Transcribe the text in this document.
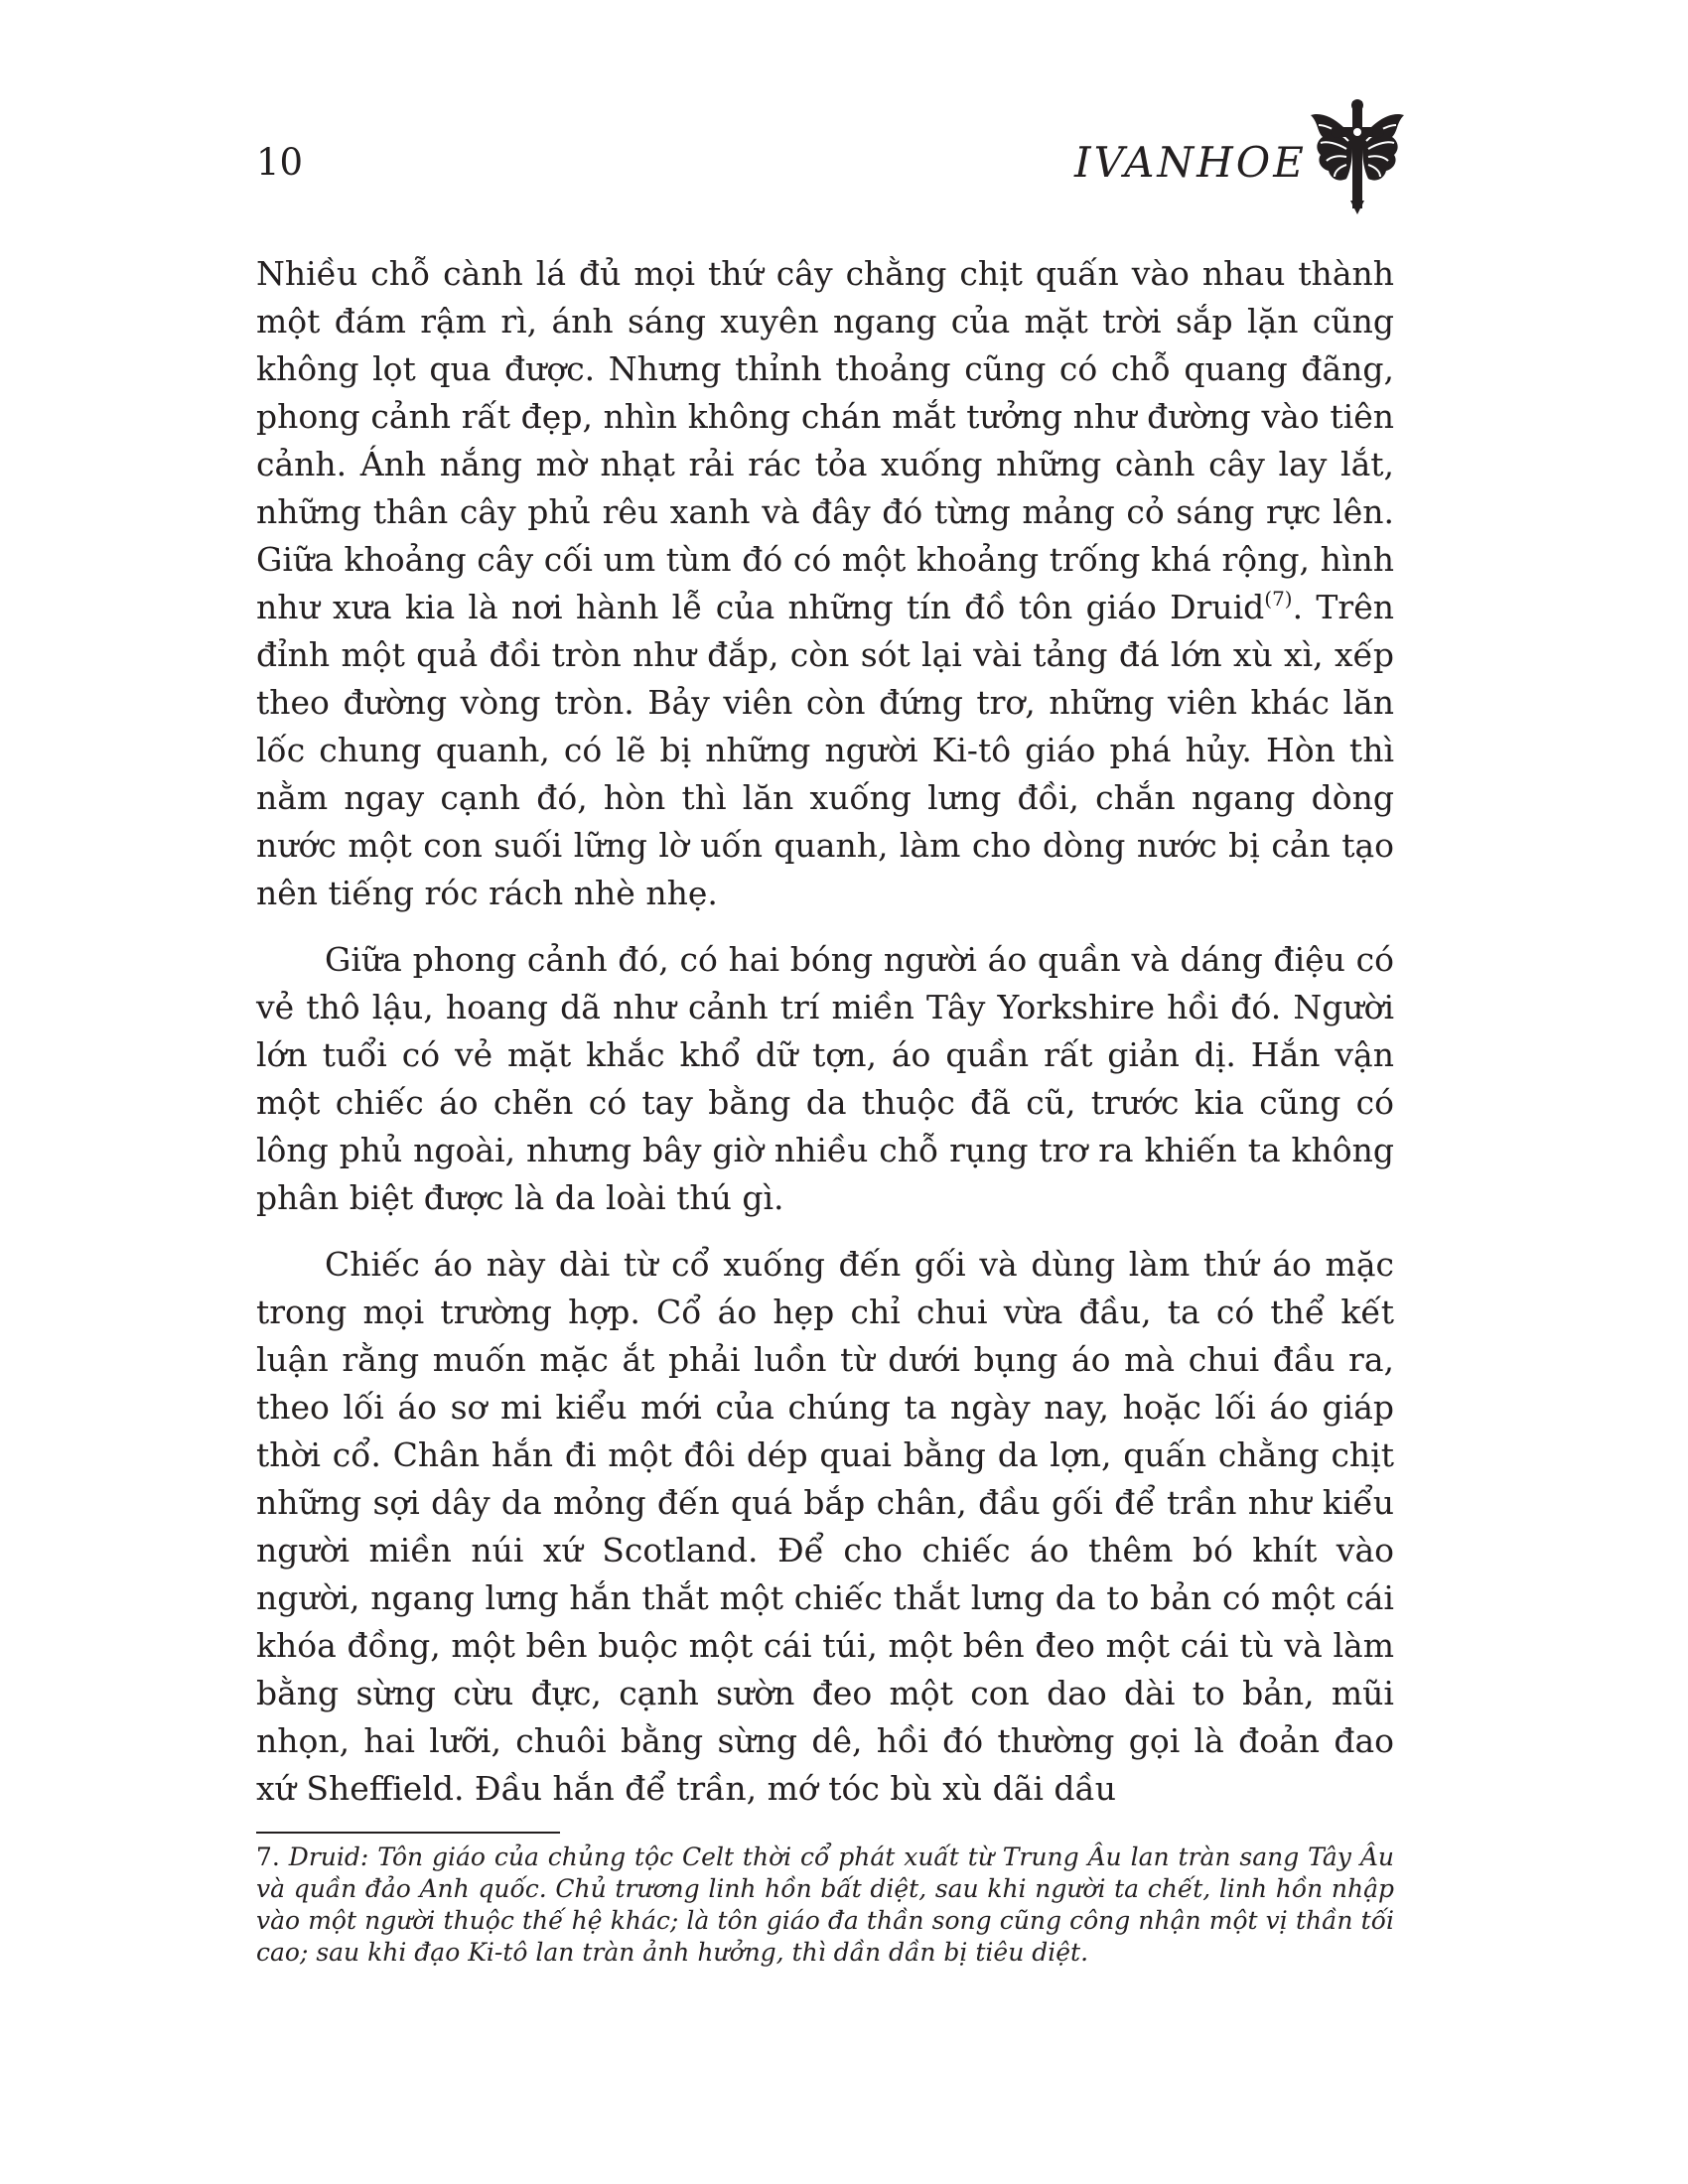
10	IVANHOE

Nhiều chỗ cành lá đủ mọi thứ cây chằng chịt quấn vào nhau thành một đám rậm rì, ánh sáng xuyên ngang của mặt trời sắp lặn cũng không lọt qua được. Nhưng thỉnh thoảng cũng có chỗ quang đãng, phong cảnh rất đẹp, nhìn không chán mắt tưởng như đường vào tiên cảnh. Ánh nắng mờ nhạt rải rác tỏa xuống những cành cây lay lắt, những thân cây phủ rêu xanh và đây đó từng mảng cỏ sáng rực lên. Giữa khoảng cây cối um tùm đó có một khoảng trống khá rộng, hình như xưa kia là nơi hành lễ của những tín đồ tôn giáo Druid$^{(7)}$. Trên đỉnh một quả đồi tròn như đắp, còn sót lại vài tảng đá lớn xù xì, xếp theo đường vòng tròn. Bảy viên còn đứng trơ, những viên khác lăn lốc chung quanh, có lẽ bị những người Ki-tô giáo phá hủy. Hòn thì nằm ngay cạnh đó, hòn thì lăn xuống lưng đồi, chắn ngang dòng nước một con suối lững lờ uốn quanh, làm cho dòng nước bị cản tạo nên tiếng róc rách nhè nhẹ.

Giữa phong cảnh đó, có hai bóng người áo quần và dáng điệu có vẻ thô lậu, hoang dã như cảnh trí miền Tây Yorkshire hồi đó. Người lớn tuổi có vẻ mặt khắc khổ dữ tợn, áo quần rất giản dị. Hắn vận một chiếc áo chẽn có tay bằng da thuộc đã cũ, trước kia cũng có lông phủ ngoài, nhưng bây giờ nhiều chỗ rụng trơ ra khiến ta không phân biệt được là da loài thú gì.

Chiếc áo này dài từ cổ xuống đến gối và dùng làm thứ áo mặc trong mọi trường hợp. Cổ áo hẹp chỉ chui vừa đầu, ta có thể kết luận rằng muốn mặc ắt phải luồn từ dưới bụng áo mà chui đầu ra, theo lối áo sơ mi kiểu mới của chúng ta ngày nay, hoặc lối áo giáp thời cổ. Chân hắn đi một đôi dép quai bằng da lợn, quấn chằng chịt những sợi dây da mỏng đến quá bắp chân, đầu gối để trần như kiểu người miền núi xứ Scotland. Để cho chiếc áo thêm bó khít vào người, ngang lưng hắn thắt một chiếc thắt lưng da to bản có một cái khóa đồng, một bên buộc một cái túi, một bên đeo một cái tù và làm bằng sừng cừu đực, cạnh sườn đeo một con dao dài to bản, mũi nhọn, hai lưỡi, chuôi bằng sừng dê, hồi đó thường gọi là đoản đao xứ Sheffield. Đầu hắn để trần, mớ tóc bù xù dãi dầu

7. Druid: Tôn giáo của chủng tộc Celt thời cổ phát xuất từ Trung Âu lan tràn sang Tây Âu và quần đảo Anh quốc. Chủ trương linh hồn bất diệt, sau khi người ta chết, linh hồn nhập vào một người thuộc thế hệ khác; là tôn giáo đa thần song cũng công nhận một vị thần tối cao; sau khi đạo Ki-tô lan tràn ảnh hưởng, thì dần dần bị tiêu diệt.
